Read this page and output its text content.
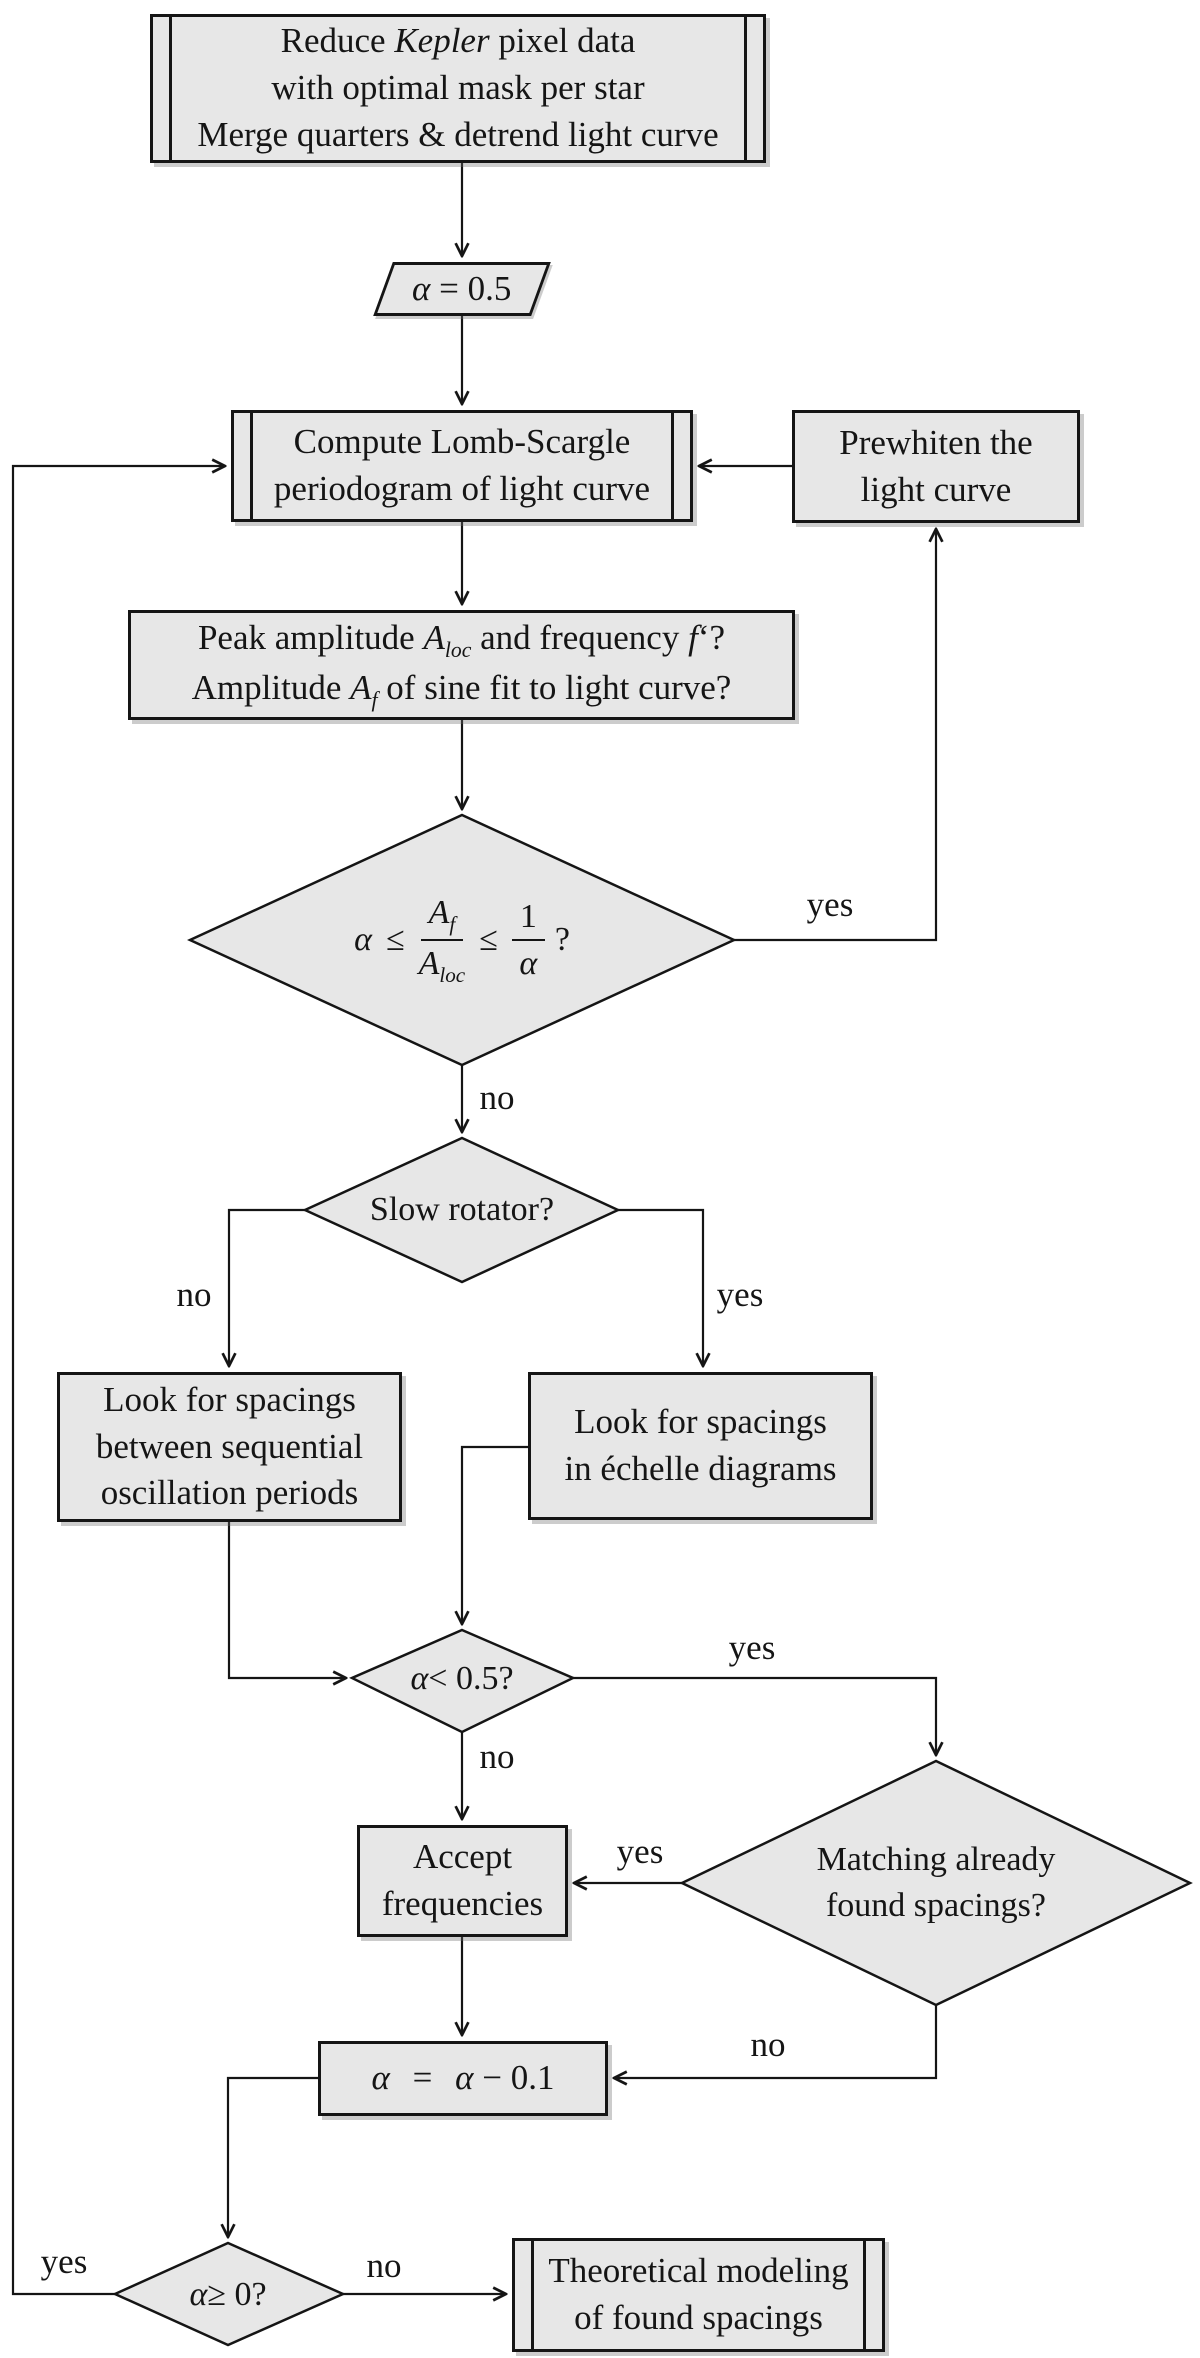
Reduce Kepler pixel data
with optimal mask per star
Merge quarters & detrend light curve
α = 0.5
Compute Lomb-Scargle
periodogram of light curve
Prewhiten the
light curve
Peak amplitude $A_{loc}$ and frequency f‘?
Amplitude $A_f$ of sine fit to light curve?
$\alpha \le \frac{A_f}{A_{loc}} \le \frac{1}{\alpha}$ ?
Slow rotator?
Look for spacings
between sequential
oscillation periods
Look for spacings
in échelle diagrams
α < 0.5?
Accept
frequencies
Matching already
found spacings?
α = α − 0.1
α ≥ 0?
Theoretical modeling
of found spacings
yes
no
no	yes
yes
no
yes
no
yes	no
